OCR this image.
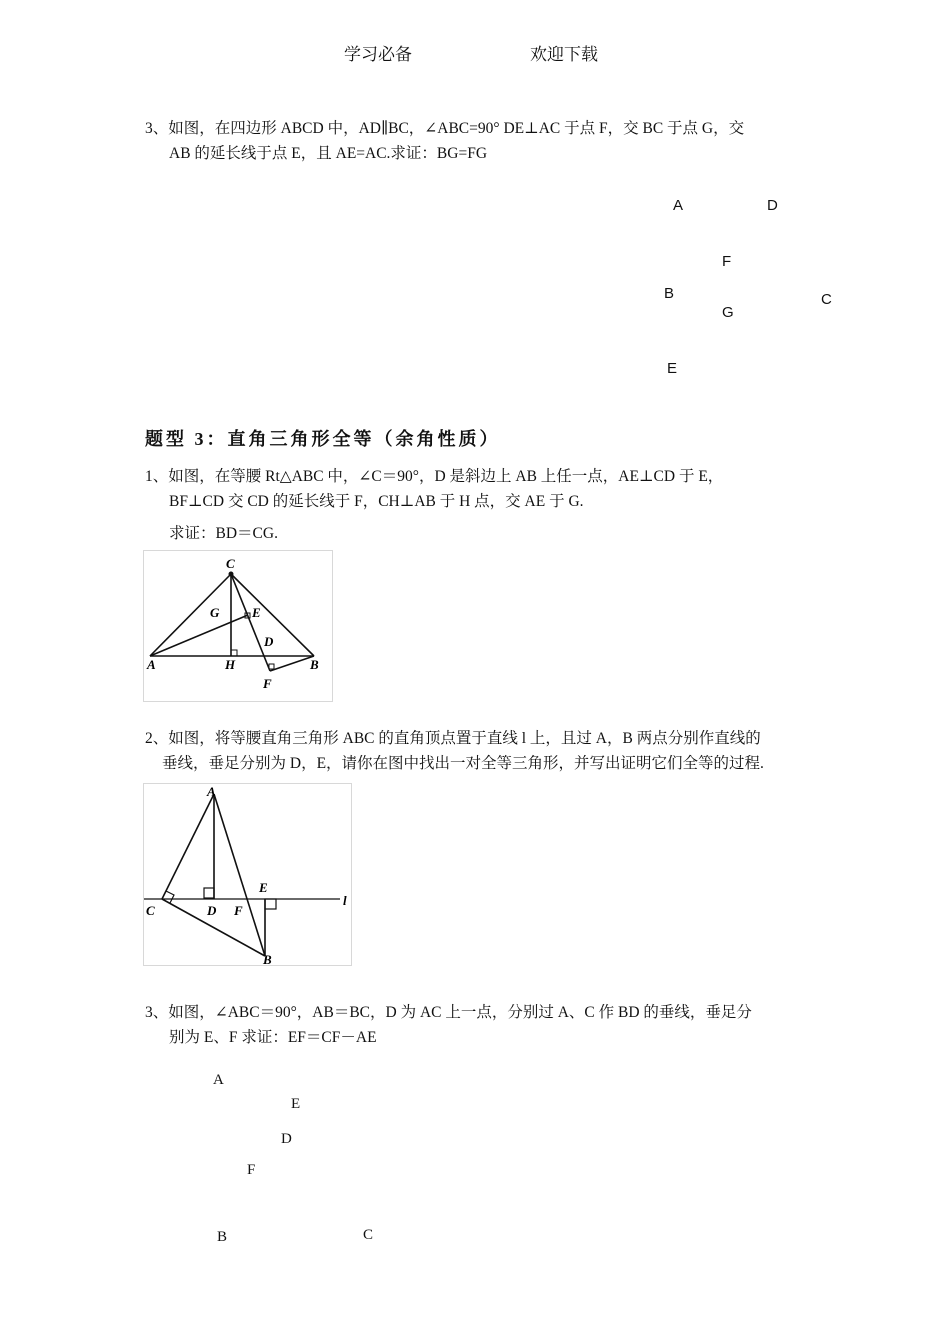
学习必备	欢迎下载
3、如图，在四边形 ABCD 中，AD∥BC，∠ABC=90° DE⊥AC 于点 F，交 BC 于点 G，交
AB 的延长线于点 E，且 AE=AC.求证：BG=FG
A	D
F
B
G
C
E
题型 3：直角三角形全等（余角性质）
1、如图，在等腰 Rt△ABC 中，∠C＝90°，D 是斜边上 AB 上任一点，AE⊥CD 于 E，
BF⊥CD 交 CD 的延长线于 F，CH⊥AB 于 H 点，交 AE 于 G.
求证：BD＝CG.
C
G	E
D
A	H	B
F
2、如图，将等腰直角三角形 ABC 的直角顶点置于直线 l 上，且过 A，B 两点分别作直线的
垂线，垂足分别为 D，E，请你在图中找出一对全等三角形，并写出证明它们全等的过程.
A
C	D F
E
B
l
3、如图，∠ABC＝90°，AB＝BC，D 为 AC 上一点，分别过 A、C 作 BD 的垂线，垂足分
别为 E、F 求证：EF＝CF－AE
A
E
D
F
B	C
